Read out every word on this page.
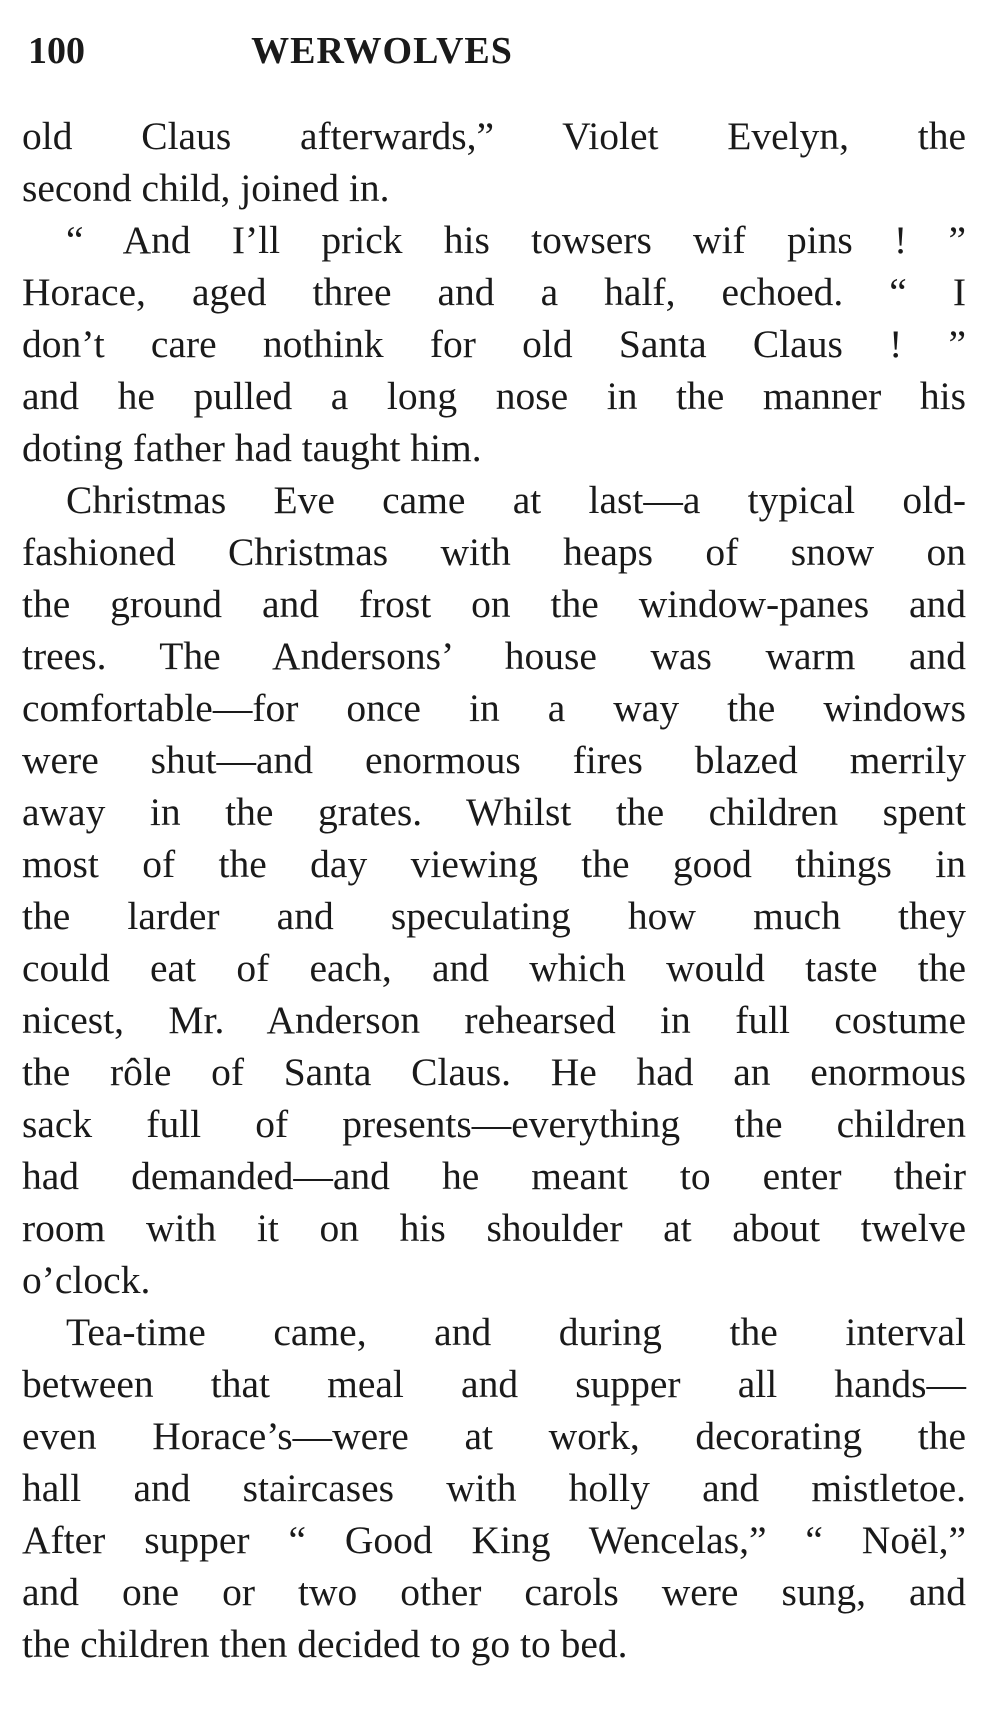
100	WERWOLVES

old Claus afterwards,” Violet Evelyn, the
second child, joined in.

“ And I’ll prick his towsers wif pins ! ”
Horace, aged three and a half, echoed. “ I
don’t care nothink for old Santa Claus ! ”
and he pulled a long nose in the manner his
doting father had taught him.

Christmas Eve came at last—a typical old-
fashioned Christmas with heaps of snow on
the ground and frost on the window-panes and
trees. The Andersons’ house was warm and
comfortable—for once in a way the windows
were shut—and enormous fires blazed merrily
away in the grates. Whilst the children spent
most of the day viewing the good things in
the larder and speculating how much they
could eat of each, and which would taste the
nicest, Mr. Anderson rehearsed in full costume
the rôle of Santa Claus. He had an enormous
sack full of presents—everything the children
had demanded—and he meant to enter their
room with it on his shoulder at about twelve
o’clock.

Tea-time came, and during the interval
between that meal and supper all hands—
even Horace’s—were at work, decorating the
hall and staircases with holly and mistletoe.
After supper “ Good King Wencelas,” “ Noël,”
and one or two other carols were sung, and
the children then decided to go to bed.
